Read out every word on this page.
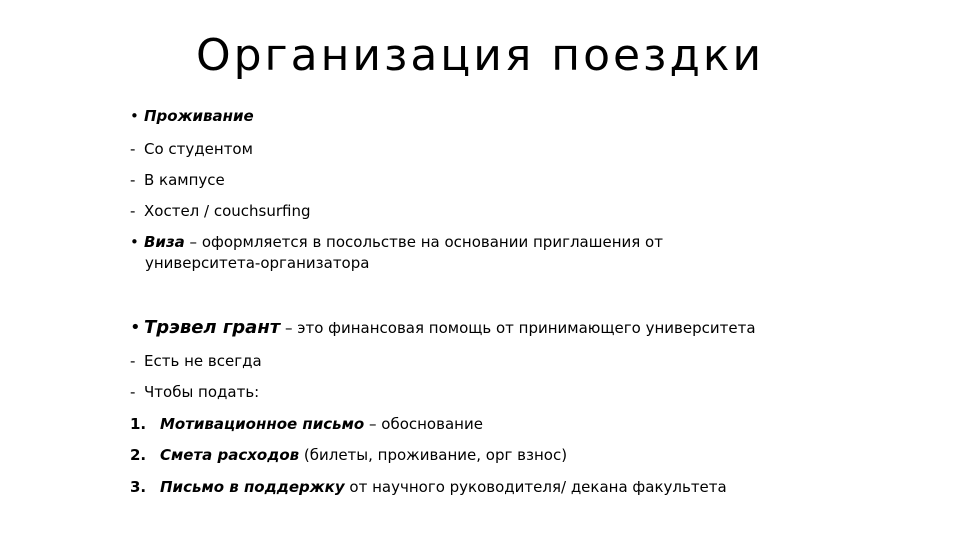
Организация поездки
• Проживание
- Со студентом
- В кампусе
- Хостел / couchsurfing
• Виза – оформляется в посольстве на основании приглашения от
университета-организатора
• Трэвел грант – это финансовая помощь от принимающего университета
- Есть не всегда
- Чтобы подать:
1. Мотивационное письмо – обоснование
2. Смета расходов (билеты, проживание, орг взнос)
3. Письмо в поддержку от научного руководителя/ декана факультета
